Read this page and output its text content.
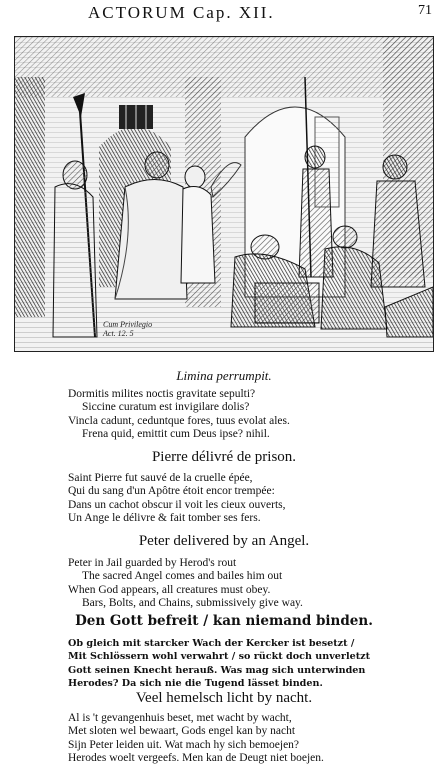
ACTORUM Cap. XII.	71
Cum Privilegio
Act. 12. 5
Limina perrumpit.
Dormitis milites noctis gravitate sepulti?
Siccine curatum est invigilare dolis?
Vincla cadunt, ceduntque fores, tuus evolat ales.
Frena quid, emittit cum Deus ipse? nihil.
Pierre délivré de prison.
Saint Pierre fut sauvé de la cruelle épée,
Qui du sang d'un Apôtre étoit encor trempée:
Dans un cachot obscur il voit les cieux ouverts,
Un Ange le délivre & fait tomber ses fers.
Peter delivered by an Angel.
Peter in Jail guarded by Herod's rout
The sacred Angel comes and bailes him out
When God appears, all creatures must obey.
Bars, Bolts, and Chains, submissively give way.
Den Gott befreit / kan niemand binden.
Ob gleich mit starcker Wach der Kercker ist besetzt /
Mit Schlössern wohl verwahrt / so rückt doch unverletzt
Gott seinen Knecht herauß. Was mag sich unterwinden
Herodes? Da sich nie die Tugend lässet binden.
Veel hemelsch licht by nacht.
Al is 't gevangenhuis beset, met wacht by wacht,
Met sloten wel bewaart, Gods engel kan by nacht
Sijn Peter leiden uit. Wat mach hy sich bemoejen?
Herodes woelt vergeefs. Men kan de Deugt niet boejen.
